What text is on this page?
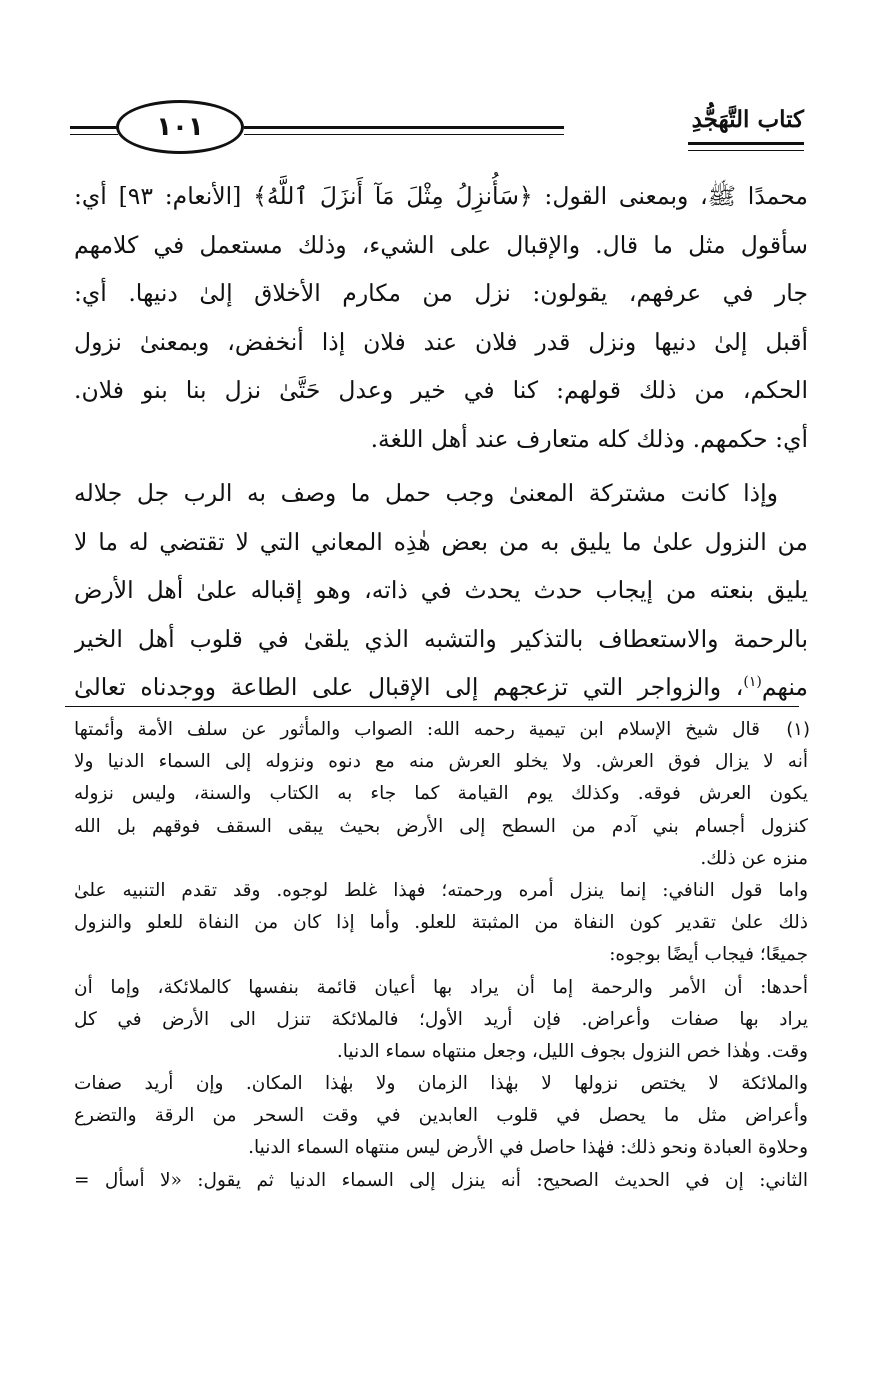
كتاب التَّهَجُّدِ
١٠١

محمدًا ﷺ، وبمعنى القول: ﴿سَأُنزِلُ مِثْلَ مَآ أَنزَلَ ٱللَّهُ﴾ [الأنعام: ٩٣] أي:
سأقول مثل ما قال. والإقبال على الشيء، وذلك مستعمل في كلامهم
جار في عرفهم، يقولون: نزل من مكارم الأخلاق إلىٰ دنيها. أي:
أقبل إلىٰ دنيها ونزل قدر فلان عند فلان إذا أنخفض، وبمعنىٰ نزول
الحكم، من ذلك قولهم: كنا في خير وعدل حَتَّىٰ نزل بنا بنو فلان.
أي: حكمهم. وذلك كله متعارف عند أهل اللغة.

وإذا كانت مشتركة المعنىٰ وجب حمل ما وصف به الرب جل جلاله
من النزول علىٰ ما يليق به من بعض هٰذِه المعاني التي لا تقتضي له ما لا
يليق بنعته من إيجاب حدث يحدث في ذاته، وهو إقباله علىٰ أهل الأرض
بالرحمة والاستعطاف بالتذكير والتشبه الذي يلقىٰ في قلوب أهل الخير
منهم$^{(١)}$، والزواجر التي تزعجهم إلى الإقبال على الطاعة ووجدناه تعالىٰ

(١)
قال شيخ الإسلام ابن تيمية رحمه الله: الصواب والمأثور عن سلف الأمة وأئمتها
أنه لا يزال فوق العرش. ولا يخلو العرش منه مع دنوه ونزوله إلى السماء الدنيا ولا
يكون العرش فوقه. وكذلك يوم القيامة كما جاء به الكتاب والسنة، وليس نزوله
كنزول أجسام بني آدم من السطح إلى الأرض بحيث يبقى السقف فوقهم بل الله
منزه عن ذلك.
واما قول النافي: إنما ينزل أمره ورحمته؛ فهذا غلط لوجوه. وقد تقدم التنبيه علىٰ
ذلك علىٰ تقدير كون النفاة من المثبتة للعلو. وأما إذا كان من النفاة للعلو والنزول
جميعًا؛ فيجاب أيضًا بوجوه:
أحدها: أن الأمر والرحمة إما أن يراد بها أعيان قائمة بنفسها كالملائكة، وإما أن
يراد بها صفات وأعراض. فإن أريد الأول؛ فالملائكة تنزل الى الأرض في كل
وقت. وهٰذا خص النزول بجوف الليل، وجعل منتهاه سماء الدنيا.
والملائكة لا يختص نزولها لا بهٰذا الزمان ولا بهٰذا المكان. وإن أريد صفات
وأعراض مثل ما يحصل في قلوب العابدين في وقت السحر من الرقة والتضرع
وحلاوة العبادة ونحو ذلك: فهٰذا حاصل في الأرض ليس منتهاه السماء الدنيا.
الثاني: إن في الحديث الصحيح: أنه ينزل إلى السماء الدنيا ثم يقول: «لا أسأل =
